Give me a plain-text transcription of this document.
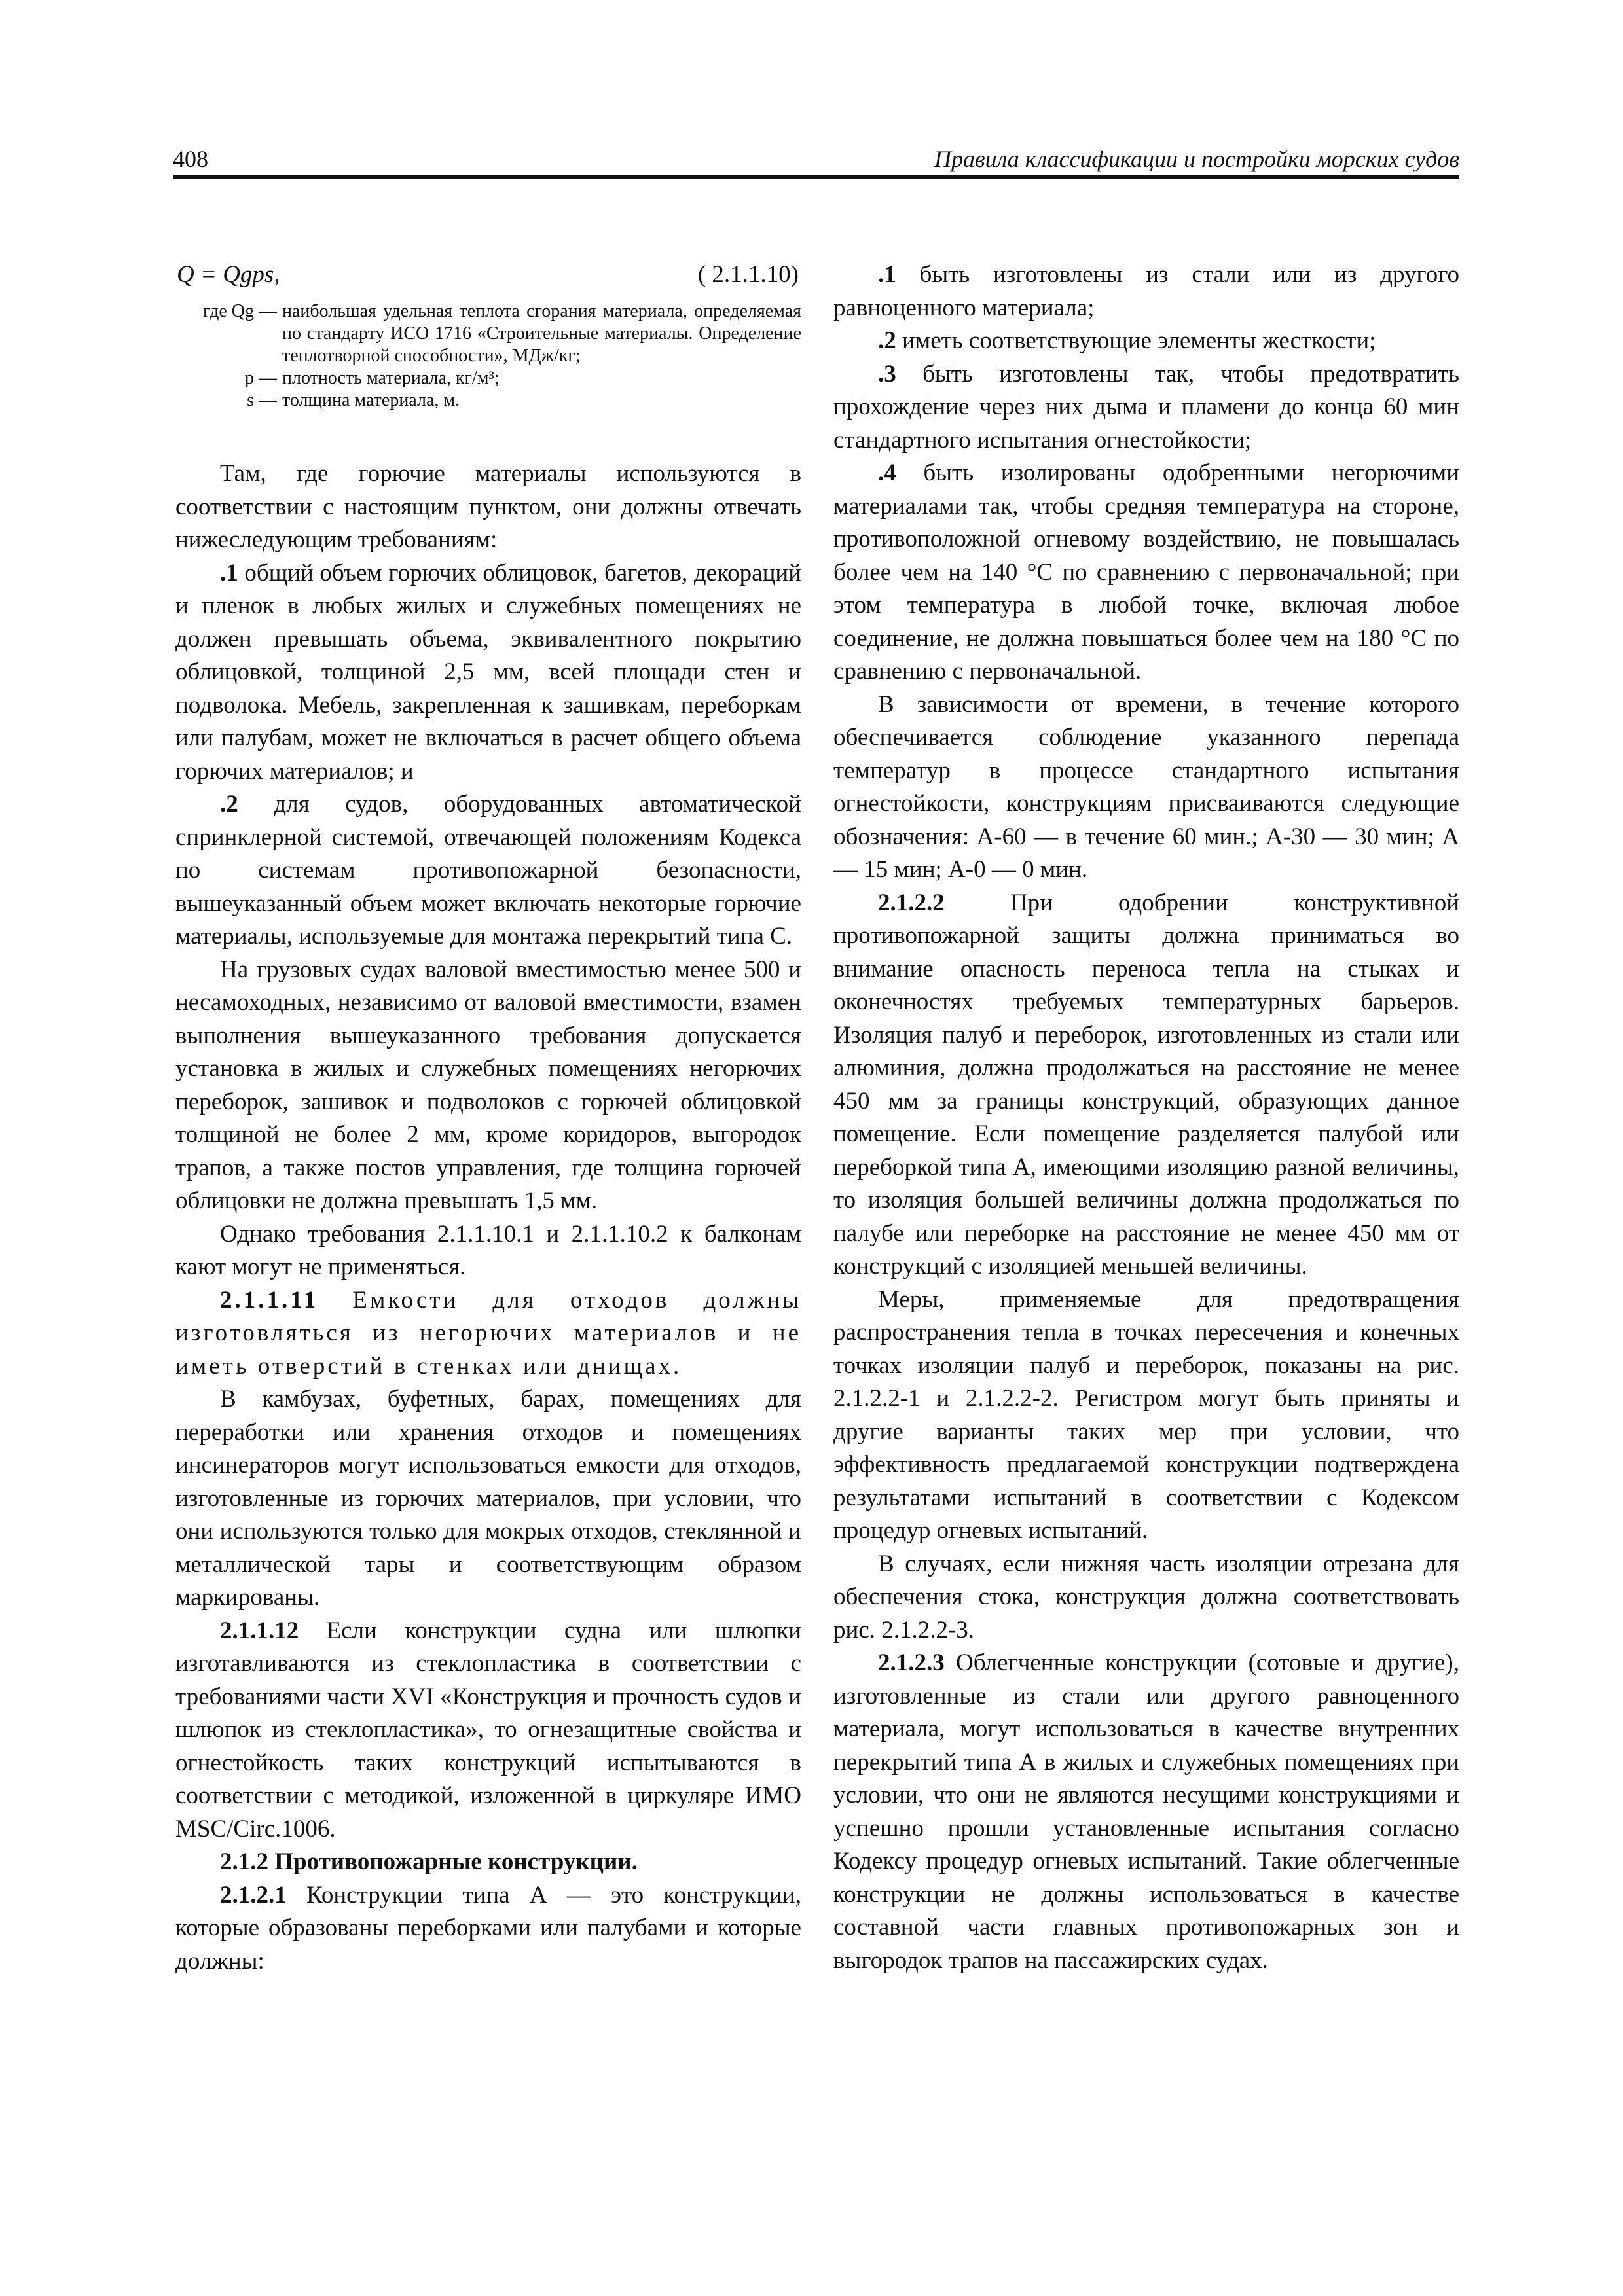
408	Правила классификации и постройки морских судов
Q = Qgps,	( 2.1.1.10)
где Qg — наибольшая удельная теплота сгорания материала, определяемая по стандарту ИСО 1716 «Строительные материалы. Определение теплотворной способности», МДж/кг;
p — плотность материала, кг/м³;
s — толщина материала, м.

Там, где горючие материалы используются в соответствии с настоящим пунктом, они должны отвечать нижеследующим требованиям:

.1 общий объем горючих облицовок, багетов, декораций и пленок в любых жилых и служебных помещениях не должен превышать объема, эквивалентного покрытию облицовкой, толщиной 2,5 мм, всей площади стен и подволока. Мебель, закрепленная к зашивкам, переборкам или палубам, может не включаться в расчет общего объема горючих материалов; и

.2 для судов, оборудованных автоматической спринклерной системой, отвечающей положениям Кодекса по системам противопожарной безопасности, вышеуказанный объем может включать некоторые горючие материалы, используемые для монтажа перекрытий типа С.

На грузовых судах валовой вместимостью менее 500 и несамоходных, независимо от валовой вместимости, взамен выполнения вышеуказанного требования допускается установка в жилых и служебных помещениях негорючих переборок, зашивок и подволоков с горючей облицовкой толщиной не более 2 мм, кроме коридоров, выгородок трапов, а также постов управления, где толщина горючей облицовки не должна превышать 1,5 мм.

Однако требования 2.1.1.10.1 и 2.1.1.10.2 к балконам кают могут не применяться.

2.1.1.11 Емкости для отходов должны изготовляться из негорючих материалов и не иметь отверстий в стенках или днищах.

В камбузах, буфетных, барах, помещениях для переработки или хранения отходов и помещениях инсинераторов могут использоваться емкости для отходов, изготовленные из горючих материалов, при условии, что они используются только для мокрых отходов, стеклянной и металлической тары и соответствующим образом маркированы.

2.1.1.12 Если конструкции судна или шлюпки изготавливаются из стеклопластика в соответствии с требованиями части XVI «Конструкция и прочность судов и шлюпок из стеклопластика», то огнезащитные свойства и огнестойкость таких конструкций испытываются в соответствии с методикой, изложенной в циркуляре ИМО MSC/Circ.1006.

2.1.2 Противопожарные конструкции.

2.1.2.1 Конструкции типа А — это конструкции, которые образованы переборками или палубами и которые должны:

.1 быть изготовлены из стали или из другого равноценного материала;

.2 иметь соответствующие элементы жесткости;

.3 быть изготовлены так, чтобы предотвратить прохождение через них дыма и пламени до конца 60 мин стандартного испытания огнестойкости;

.4 быть изолированы одобренными негорючими материалами так, чтобы средняя температура на стороне, противоположной огневому воздействию, не повышалась более чем на 140 °С по сравнению с первоначальной; при этом температура в любой точке, включая любое соединение, не должна повышаться более чем на 180 °С по сравнению с первоначальной.

В зависимости от времени, в течение которого обеспечивается соблюдение указанного перепада температур в процессе стандартного испытания огнестойкости, конструкциям присваиваются следующие обозначения: А-60 — в течение 60 мин.; А-30 — 30 мин; А — 15 мин; А-0 — 0 мин.

2.1.2.2 При одобрении конструктивной противопожарной защиты должна приниматься во внимание опасность переноса тепла на стыках и оконечностях требуемых температурных барьеров. Изоляция палуб и переборок, изготовленных из стали или алюминия, должна продолжаться на расстояние не менее 450 мм за границы конструкций, образующих данное помещение. Если помещение разделяется палубой или переборкой типа А, имеющими изоляцию разной величины, то изоляция большей величины должна продолжаться по палубе или переборке на расстояние не менее 450 мм от конструкций с изоляцией меньшей величины.

Меры, применяемые для предотвращения распространения тепла в точках пересечения и конечных точках изоляции палуб и переборок, показаны на рис. 2.1.2.2-1 и 2.1.2.2-2. Регистром могут быть приняты и другие варианты таких мер при условии, что эффективность предлагаемой конструкции подтверждена результатами испытаний в соответствии с Кодексом процедур огневых испытаний.

В случаях, если нижняя часть изоляции отрезана для обеспечения стока, конструкция должна соответствовать рис. 2.1.2.2-3.

2.1.2.3 Облегченные конструкции (сотовые и другие), изготовленные из стали или другого равноценного материала, могут использоваться в качестве внутренних перекрытий типа А в жилых и служебных помещениях при условии, что они не являются несущими конструкциями и успешно прошли установленные испытания согласно Кодексу процедур огневых испытаний. Такие облегченные конструкции не должны использоваться в качестве составной части главных противопожарных зон и выгородок трапов на пассажирских судах.
